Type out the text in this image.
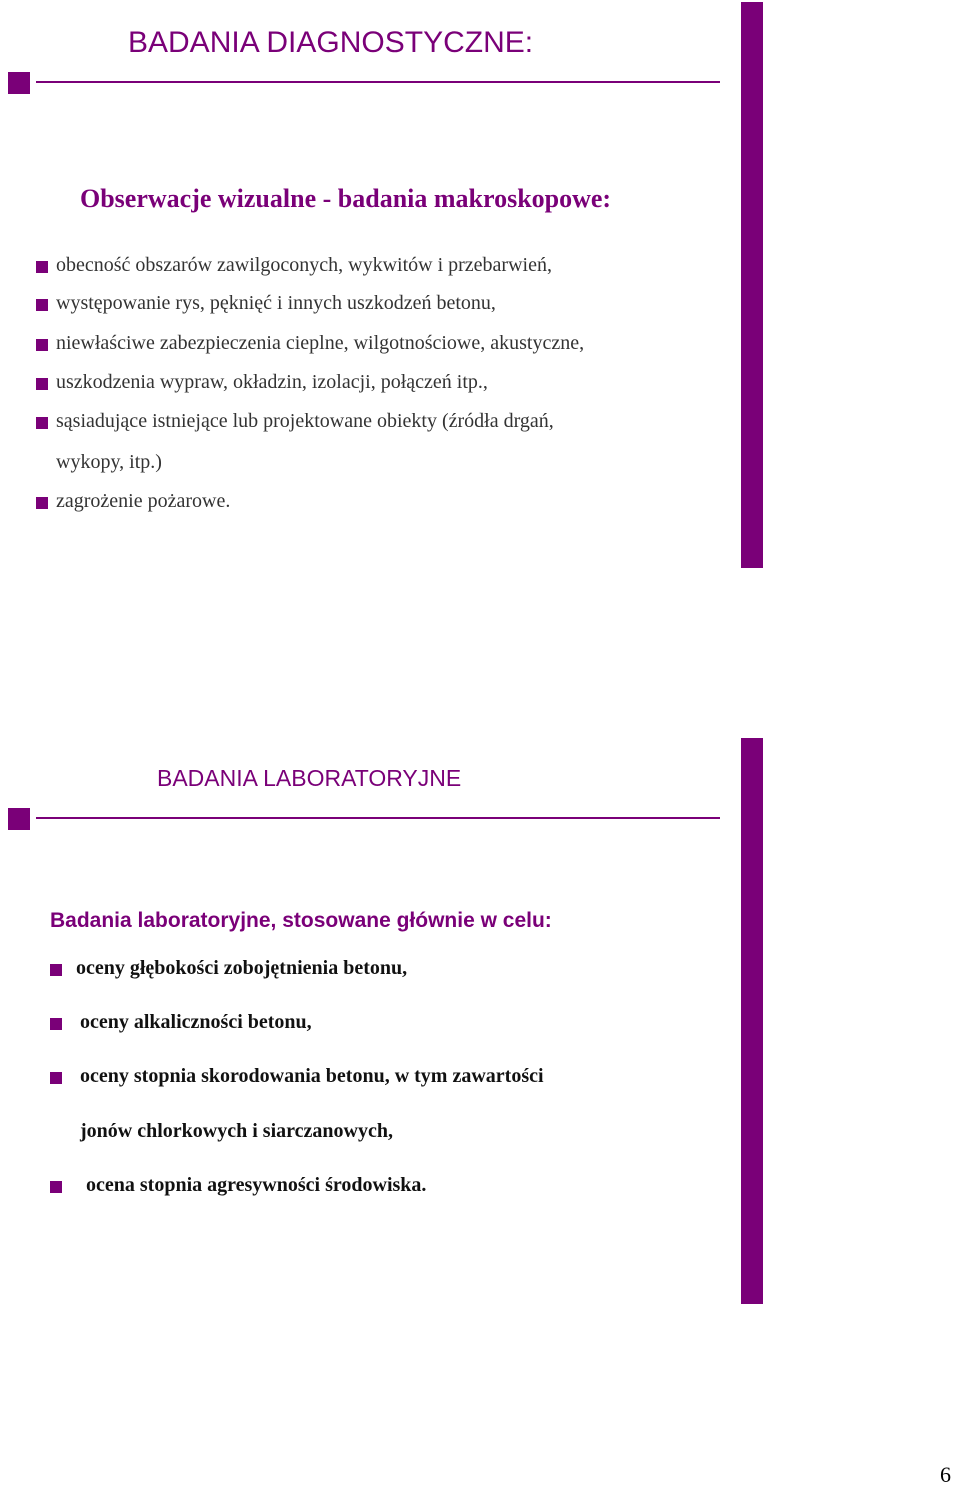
BADANIA DIAGNOSTYCZNE:
Obserwacje wizualne - badania makroskopowe:
obecność obszarów zawilgoconych, wykwitów i przebarwień,
występowanie rys, pęknięć i innych uszkodzeń betonu,
niewłaściwe zabezpieczenia cieplne, wilgotnościowe, akustyczne,
uszkodzenia wypraw, okładzin, izolacji, połączeń itp.,
sąsiadujące istniejące lub projektowane obiekty (źródła drgań,
wykopy, itp.)
zagrożenie pożarowe.
BADANIA LABORATORYJNE
Badania laboratoryjne, stosowane głównie w celu:
oceny głębokości zobojętnienia betonu,
oceny alkaliczności betonu,
oceny stopnia skorodowania betonu, w tym zawartości
jonów chlorkowych i siarczanowych,
ocena stopnia agresywności środowiska.
6
